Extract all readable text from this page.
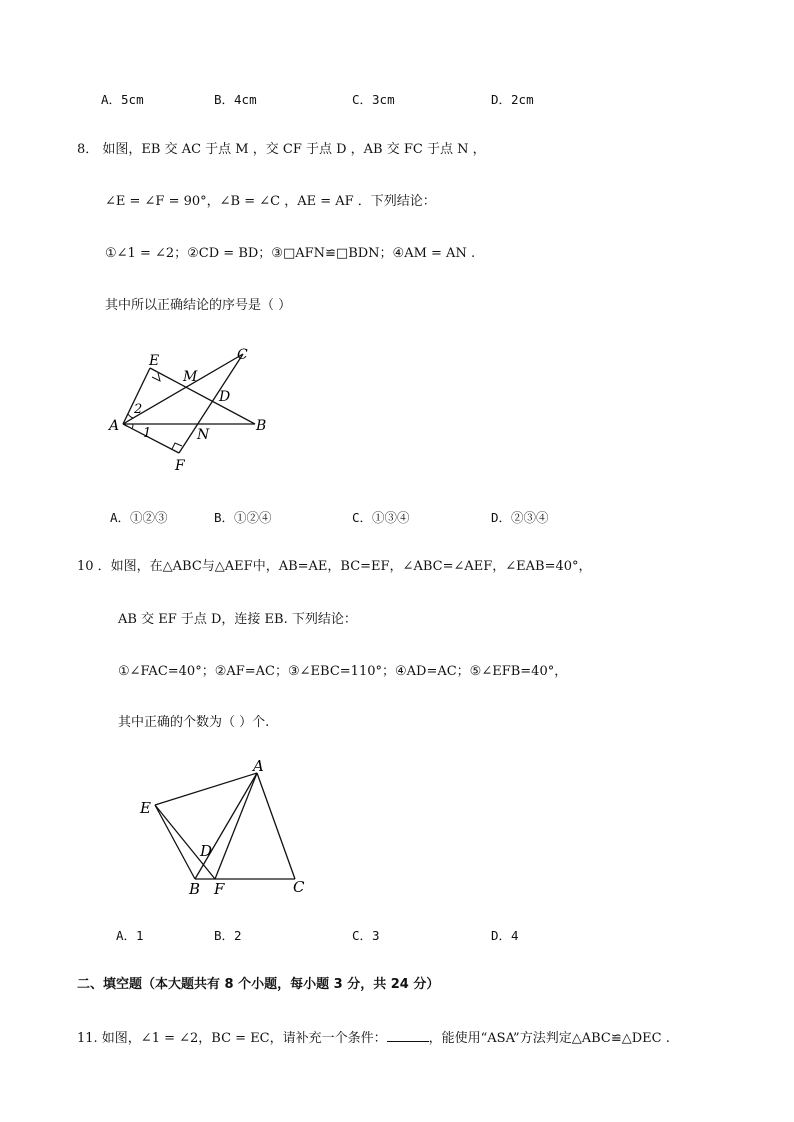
A．5cm	B．4cm	C．3cm	D．2cm
8． 如图，EB 交 AC 于点 M ，交 CF 于点 D ，AB 交 FC 于点 N ，
∠E = ∠F = 90°，∠B = ∠C ，AE = AF ．下列结论：
①∠1 = ∠2；②CD = BD；③□AFN≌□BDN；④AM = AN .
其中所以正确结论的序号是（ ）
E	C
M
D
A	B
N
F
1
2
A．①②③	B．①②④	C．①③④	D．②③④
10 ．如图，在△ABC与△AEF中，AB=AE，BC=EF，∠ABC=∠AEF，∠EAB=40°，
AB 交 EF 于点 D，连接 EB. 下列结论：
①∠FAC=40°；②AF=AC；③∠EBC=110°；④AD=AC；⑤∠EFB=40°，
其中正确的个数为（ ）个.
A
E
D
B F	C
A．1	B．2	C．3	D．4
二、填空题（本大题共有 8 个小题，每小题 3 分，共 24 分）
11. 如图，∠1 = ∠2，BC = EC，请补充一个条件：	，能使用“ASA”方法判定△ABC≌△DEC .
